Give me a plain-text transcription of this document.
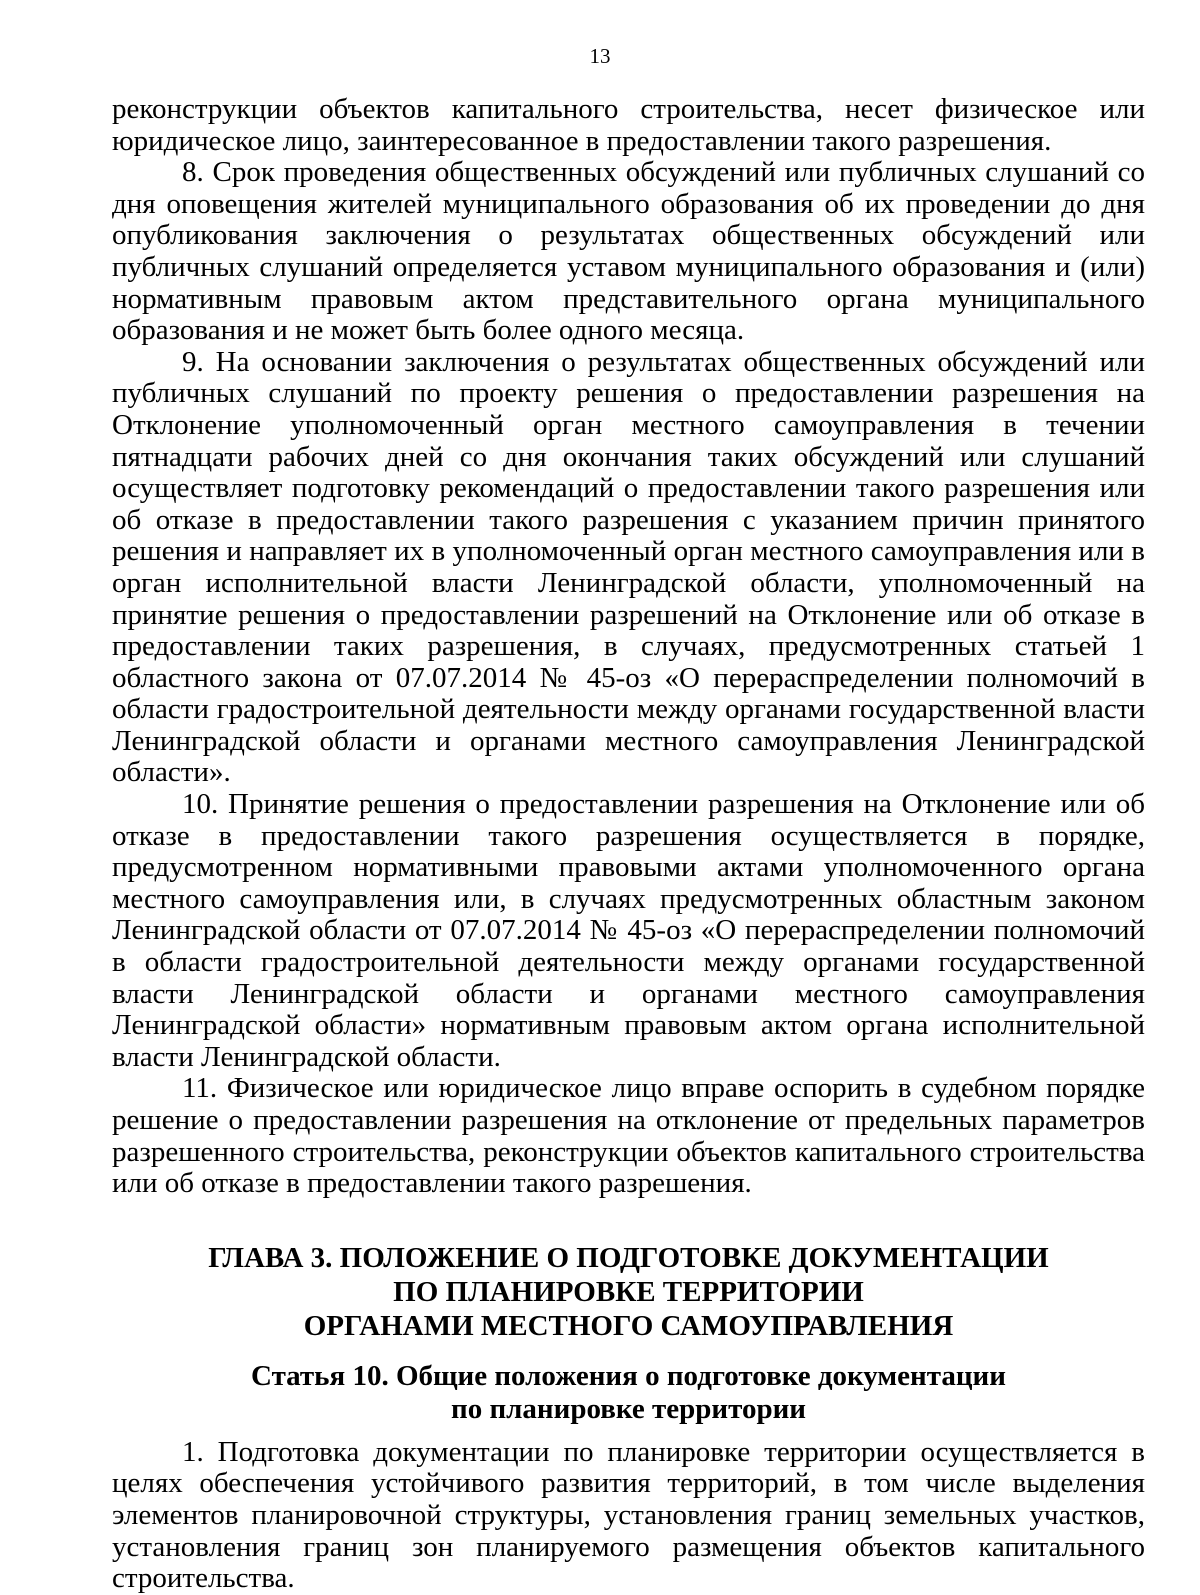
13

реконструкции объектов капитального строительства, несет физическое или юридическое лицо, заинтересованное в предоставлении такого разрешения.

8. Срок проведения общественных обсуждений или публичных слушаний со дня оповещения жителей муниципального образования об их проведении до дня опубликования заключения о результатах общественных обсуждений или публичных слушаний определяется уставом муниципального образования и (или) нормативным правовым актом представительного органа муниципального образования и не может быть более одного месяца.

9. На основании заключения о результатах общественных обсуждений или публичных слушаний по проекту решения о предоставлении разрешения на Отклонение уполномоченный орган местного самоуправления в течении пятнадцати рабочих дней со дня окончания таких обсуждений или слушаний осуществляет подготовку рекомендаций о предоставлении такого разрешения или об отказе в предоставлении такого разрешения с указанием причин принятого решения и направляет их в уполномоченный орган местного самоуправления или в орган исполнительной власти Ленинградской области, уполномоченный на принятие решения о предоставлении разрешений на Отклонение или об отказе в предоставлении таких разрешения, в случаях, предусмотренных статьей 1 областного закона от 07.07.2014 № 45-оз «О перераспределении полномочий в области градостроительной деятельности между органами государственной власти Ленинградской области и органами местного самоуправления Ленинградской области».

10. Принятие решения о предоставлении разрешения на Отклонение или об отказе в предоставлении такого разрешения осуществляется в порядке, предусмотренном нормативными правовыми актами уполномоченного органа местного самоуправления или, в случаях предусмотренных областным законом Ленинградской области от 07.07.2014 № 45-оз «О перераспределении полномочий в области градостроительной деятельности между органами государственной власти Ленинградской области и органами местного самоуправления Ленинградской области» нормативным правовым актом органа исполнительной власти Ленинградской области.

11. Физическое или юридическое лицо вправе оспорить в судебном порядке решение о предоставлении разрешения на отклонение от предельных параметров разрешенного строительства, реконструкции объектов капитального строительства или об отказе в предоставлении такого разрешения.

ГЛАВА 3. ПОЛОЖЕНИЕ О ПОДГОТОВКЕ ДОКУМЕНТАЦИИ
ПО ПЛАНИРОВКЕ ТЕРРИТОРИИ
ОРГАНАМИ МЕСТНОГО САМОУПРАВЛЕНИЯ
Статья 10. Общие положения о подготовке документации
по планировке территории

1. Подготовка документации по планировке территории осуществляется в целях обеспечения устойчивого развития территорий, в том числе выделения элементов планировочной структуры, установления границ земельных участков, установления границ зон планируемого размещения объектов капитального строительства.
